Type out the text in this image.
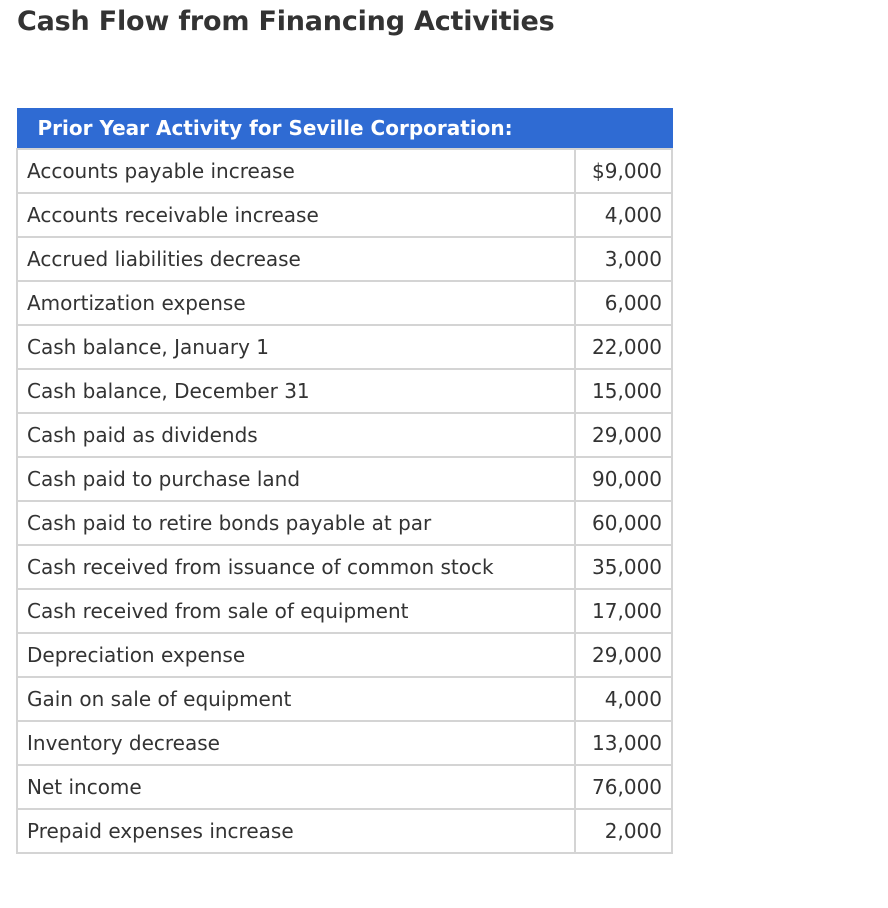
Cash Flow from Financing Activities
Prior Year Activity for Seville Corporation:	
Accounts payable increase	$9,000
Accounts receivable increase	4,000
Accrued liabilities decrease	3,000
Amortization expense	6,000
Cash balance, January 1	22,000
Cash balance, December 31	15,000
Cash paid as dividends	29,000
Cash paid to purchase land	90,000
Cash paid to retire bonds payable at par	60,000
Cash received from issuance of common stock	35,000
Cash received from sale of equipment	17,000
Depreciation expense	29,000
Gain on sale of equipment	4,000
Inventory decrease	13,000
Net income	76,000
Prepaid expenses increase	2,000
